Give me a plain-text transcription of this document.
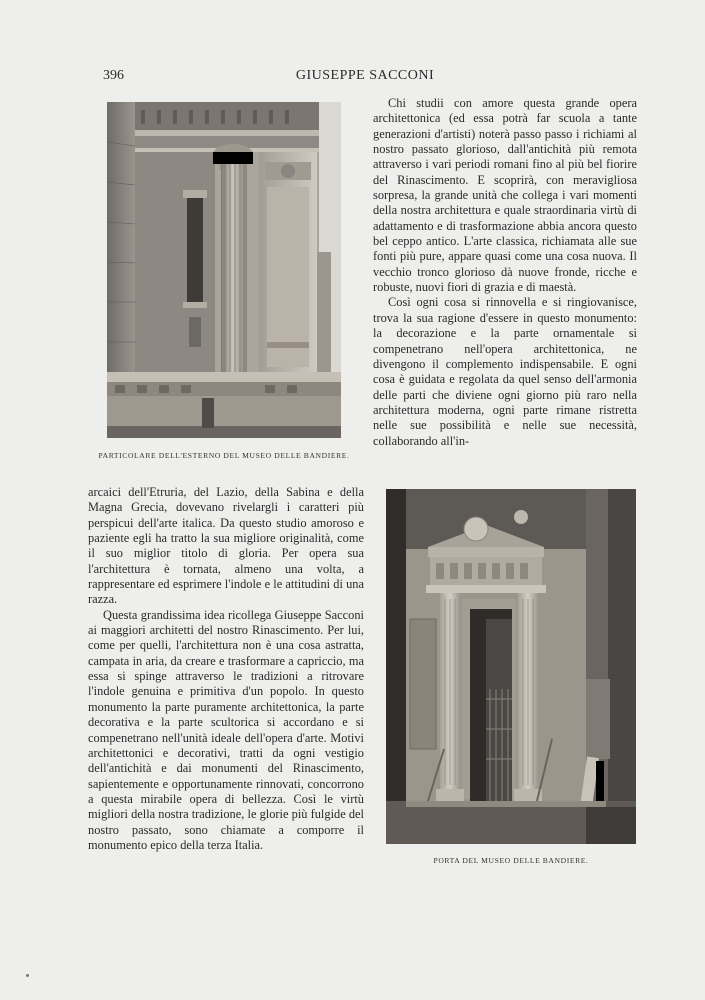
396	GIUSEPPE SACCONI
PARTICOLARE DELL'ESTERNO DEL MUSEO DELLE BANDIERE.

Chi studii con amore questa grande opera architettonica (ed essa potrà far scuola a tante generazioni d'artisti) noterà passo passo i richiami al nostro passato glorioso, dall'antichità più remota attraverso i vari periodi romani fino al più bel fiorire del Rinascimento. E scoprirà, con meravigliosa sorpresa, la grande unità che collega i vari momenti della nostra architettura e quale straordinaria virtù di adattamento e di trasformazione abbia ancora questo bel ceppo antico. L'arte classica, richiamata alle sue fonti più pure, appare quasi come una cosa nuova. Il vecchio tronco glorioso dà nuove fronde, ricche e robuste, nuovi fiori di grazia e di maestà.

Così ogni cosa si rinnovella e si ringiovanisce, trova la sua ragione d'essere in questo monumento: la decorazione e la parte ornamentale si compenetrano nell'opera architettonica, ne divengono il complemento indispensabile. E ogni cosa è guidata e regolata da quel senso dell'armonia delle parti che diviene ogni giorno più raro nella architettura moderna, ogni parte rimane ristretta nelle sue possibilità e nelle sue necessità, collaborando all'in-

arcaici dell'Etruria, del Lazio, della Sabina e della Magna Grecia, dovevano rivelargli i caratteri più perspicui dell'arte italica. Da questo studio amoroso e paziente egli ha tratto la sua migliore originalità, come il suo miglior titolo di gloria. Per opera sua l'architettura è tornata, almeno una volta, a rappresentare ed esprimere l'indole e le attitudini di una razza.

Questa grandissima idea ricollega Giuseppe Sacconi ai maggiori architetti del nostro Rinascimento. Per lui, come per quelli, l'architettura non è una cosa astratta, campata in aria, da creare e trasformare a capriccio, ma essa si spinge attraverso le tradizioni a ritrovare l'indole genuina e primitiva d'un popolo. In questo monumento la parte puramente architettonica, la parte decorativa e la parte scultorica si accordano e si compenetrano nell'unità ideale dell'opera d'arte. Motivi architettonici e decorativi, tratti da ogni vestigio dell'antichità e dai monumenti del Rinascimento, sapientemente e opportunamente rinnovati, concorrono a questa mirabile opera di bellezza. Così le virtù migliori della nostra tradizione, le glorie più fulgide del nostro passato, sono chiamate a comporre il monumento epico della terza Italia.

PORTA DEL MUSEO DELLE BANDIERE.
